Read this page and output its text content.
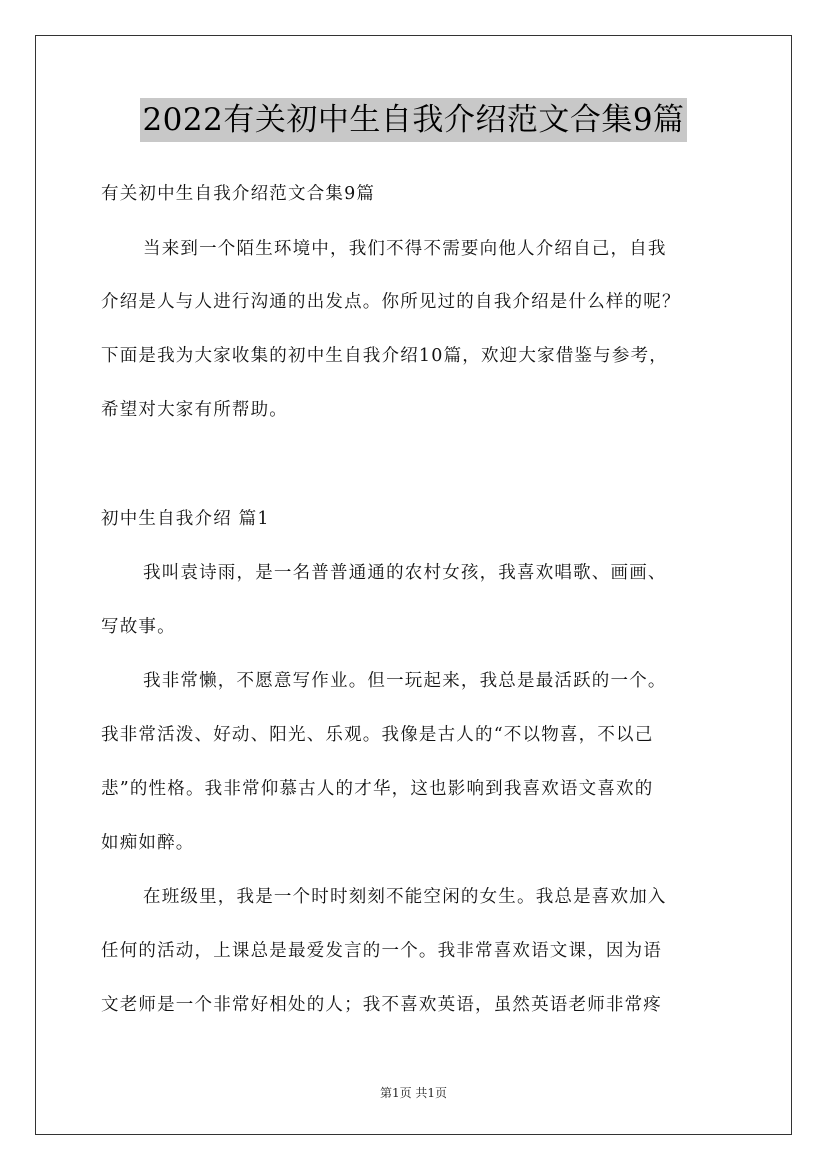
2022有关初中生自我介绍范文合集9篇
有关初中生自我介绍范文合集9篇
当来到一个陌生环境中，我们不得不需要向他人介绍自己，自我
介绍是人与人进行沟通的出发点。你所见过的自我介绍是什么样的呢？
下面是我为大家收集的初中生自我介绍10篇，欢迎大家借鉴与参考，
希望对大家有所帮助。
初中生自我介绍 篇1
我叫袁诗雨，是一名普普通通的农村女孩，我喜欢唱歌、画画、
写故事。
我非常懒，不愿意写作业。但一玩起来，我总是最活跃的一个。
我非常活泼、好动、阳光、乐观。我像是古人的“不以物喜，不以己
悲”的性格。我非常仰慕古人的才华，这也影响到我喜欢语文喜欢的
如痴如醉。
在班级里，我是一个时时刻刻不能空闲的女生。我总是喜欢加入
任何的活动，上课总是最爱发言的一个。我非常喜欢语文课，因为语
文老师是一个非常好相处的人；我不喜欢英语，虽然英语老师非常疼
第1页 共1页
